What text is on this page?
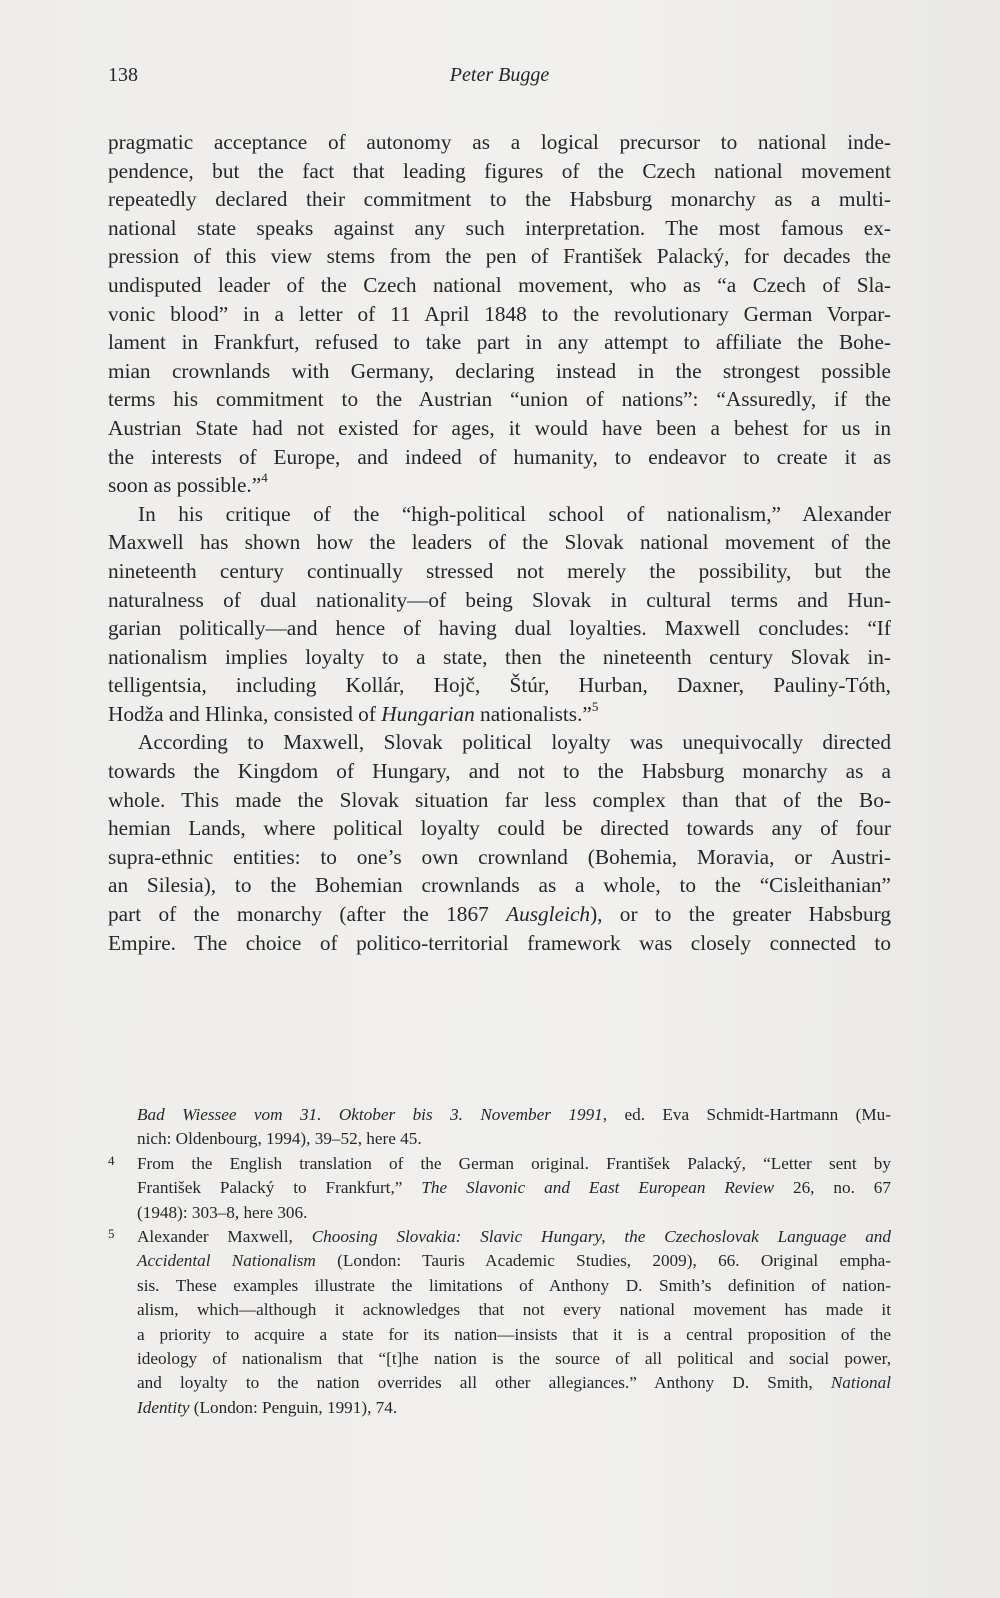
138	Peter Bugge
pragmatic acceptance of autonomy as a logical precursor to national inde-
pendence, but the fact that leading figures of the Czech national movement
repeatedly declared their commitment to the Habsburg monarchy as a multi-
national state speaks against any such interpretation. The most famous ex-
pression of this view stems from the pen of František Palacký, for decades the
undisputed leader of the Czech national movement, who as “a Czech of Sla-
vonic blood” in a letter of 11 April 1848 to the revolutionary German Vorpar-
lament in Frankfurt, refused to take part in any attempt to affiliate the Bohe-
mian crownlands with Germany, declaring instead in the strongest possible
terms his commitment to the Austrian “union of nations”: “Assuredly, if the
Austrian State had not existed for ages, it would have been a behest for us in
the interests of Europe, and indeed of humanity, to endeavor to create it as
soon as possible.”$^4$
In his critique of the “high-political school of nationalism,” Alexander
Maxwell has shown how the leaders of the Slovak national movement of the
nineteenth century continually stressed not merely the possibility, but the
naturalness of dual nationality—of being Slovak in cultural terms and Hun-
garian politically—and hence of having dual loyalties. Maxwell concludes: “If
nationalism implies loyalty to a state, then the nineteenth century Slovak in-
telligentsia, including Kollár, Hojč, Štúr, Hurban, Daxner, Pauliny-Tóth,
Hodža and Hlinka, consisted of Hungarian nationalists.”$^5$
According to Maxwell, Slovak political loyalty was unequivocally directed
towards the Kingdom of Hungary, and not to the Habsburg monarchy as a
whole. This made the Slovak situation far less complex than that of the Bo-
hemian Lands, where political loyalty could be directed towards any of four
supra-ethnic entities: to one’s own crownland (Bohemia, Moravia, or Austri-
an Silesia), to the Bohemian crownlands as a whole, to the “Cisleithanian”
part of the monarchy (after the 1867 Ausgleich), or to the greater Habsburg
Empire. The choice of politico-territorial framework was closely connected to
Bad Wiessee vom 31. Oktober bis 3. November 1991, ed. Eva Schmidt-Hartmann (Mu-
nich: Oldenbourg, 1994), 39–52, here 45.
4 From the English translation of the German original. František Palacký, “Letter sent by
František Palacký to Frankfurt,” The Slavonic and East European Review 26, no. 67
(1948): 303–8, here 306.
5 Alexander Maxwell, Choosing Slovakia: Slavic Hungary, the Czechoslovak Language and
Accidental Nationalism (London: Tauris Academic Studies, 2009), 66. Original empha-
sis. These examples illustrate the limitations of Anthony D. Smith’s definition of nation-
alism, which—although it acknowledges that not every national movement has made it
a priority to acquire a state for its nation—insists that it is a central proposition of the
ideology of nationalism that “[t]he nation is the source of all political and social power,
and loyalty to the nation overrides all other allegiances.” Anthony D. Smith, National
Identity (London: Penguin, 1991), 74.
